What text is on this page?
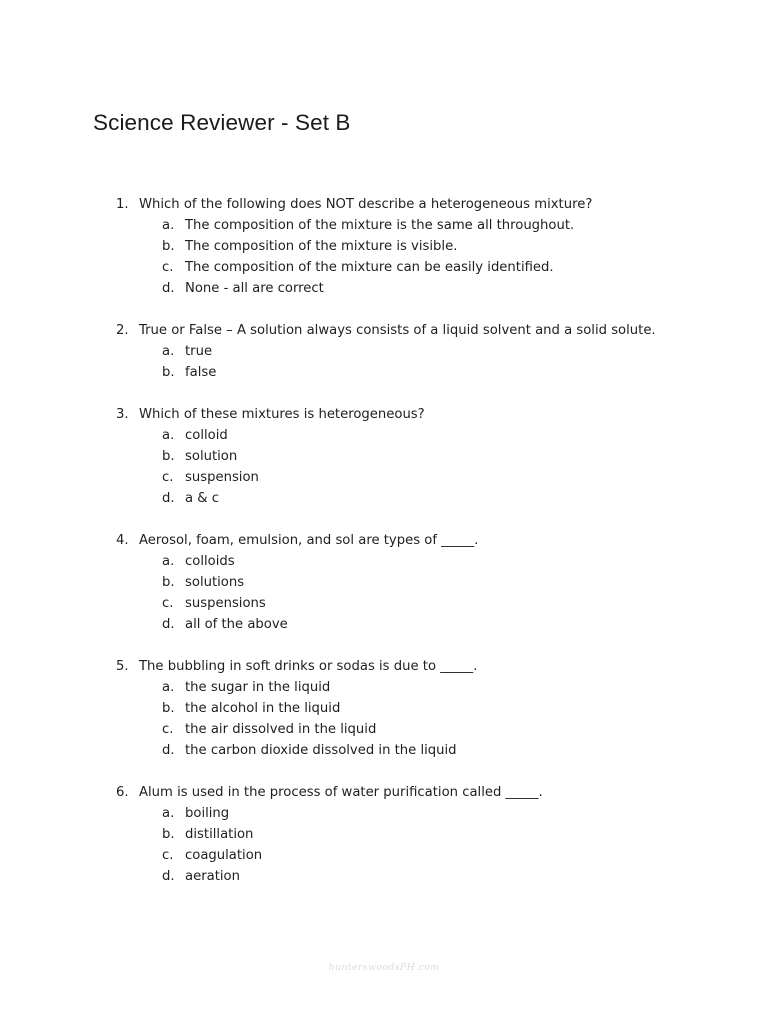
Science Reviewer - Set B
1. Which of the following does NOT describe a heterogeneous mixture?
a. The composition of the mixture is the same all throughout.
b. The composition of the mixture is visible.
c. The composition of the mixture can be easily identified.
d. None - all are correct
2. True or False – A solution always consists of a liquid solvent and a solid solute.
a. true
b. false
3. Which of these mixtures is heterogeneous?
a. colloid
b. solution
c. suspension
d. a & c
4. Aerosol, foam, emulsion, and sol are types of _____.
a. colloids
b. solutions
c. suspensions
d. all of the above
5. The bubbling in soft drinks or sodas is due to _____.
a. the sugar in the liquid
b. the alcohol in the liquid
c. the air dissolved in the liquid
d. the carbon dioxide dissolved in the liquid
6. Alum is used in the process of water purification called _____.
a. boiling
b. distillation
c. coagulation
d. aeration
hunterswoodsPH.com
